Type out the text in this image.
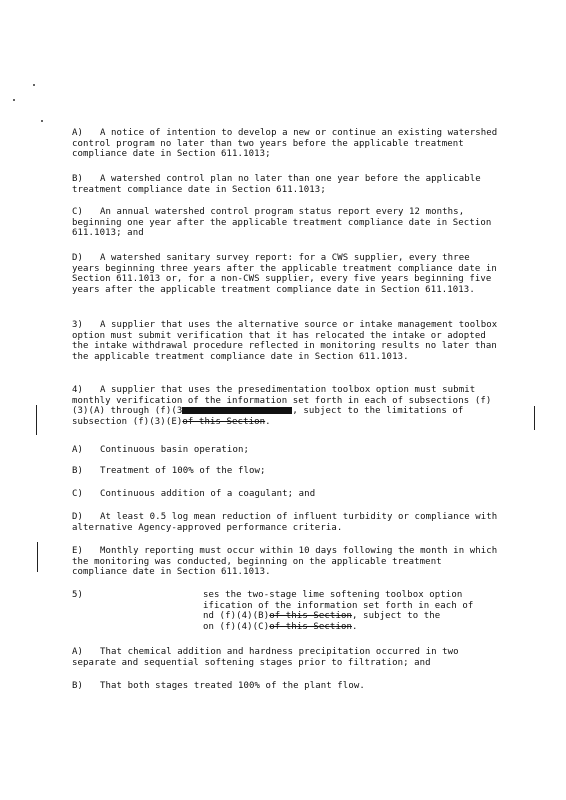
A) A notice of intention to develop a new or continue an existing watershed control program no later than two years before the applicable treatment compliance date in Section 611.1013;
B) A watershed control plan no later than one year before the applicable treatment compliance date in Section 611.1013;
C) An annual watershed control program status report every 12 months, beginning one year after the applicable treatment compliance date in Section 611.1013; and
D) A watershed sanitary survey report: for a CWS supplier, every three years beginning three years after the applicable treatment compliance date in Section 611.1013 or, for a non-CWS supplier, every five years beginning five years after the applicable treatment compliance date in Section 611.1013.
3) A supplier that uses the alternative source or intake management toolbox option must submit verification that it has relocated the intake or adopted the intake withdrawal procedure reflected in monitoring results no later than the applicable treatment compliance date in Section 611.1013.
4) A supplier that uses the presedimentation toolbox option must submit monthly verification of the information set forth in each of subsections (f)(3)(A) through (f)(3	, subject to the limitations of subsection (f)(3)(E)of this Section.
A) Continuous basin operation;
B) Treatment of 100% of the flow;
C) Continuous addition of a coagulant; and
D) At least 0.5 log mean reduction of influent turbidity or compliance with alternative Agency-approved performance criteria.
E) Monthly reporting must occur within 10 days following the month in which the monitoring was conducted, beginning on the applicable treatment compliance date in Section 611.1013.
5)	ses the two-stage lime softening toolbox option
ification of the information set forth in each of
nd (f)(4)(B)of this Section, subject to the
on (f)(4)(C)of this Section.
A) That chemical addition and hardness precipitation occurred in two separate and sequential softening stages prior to filtration; and
B) That both stages treated 100% of the plant flow.
